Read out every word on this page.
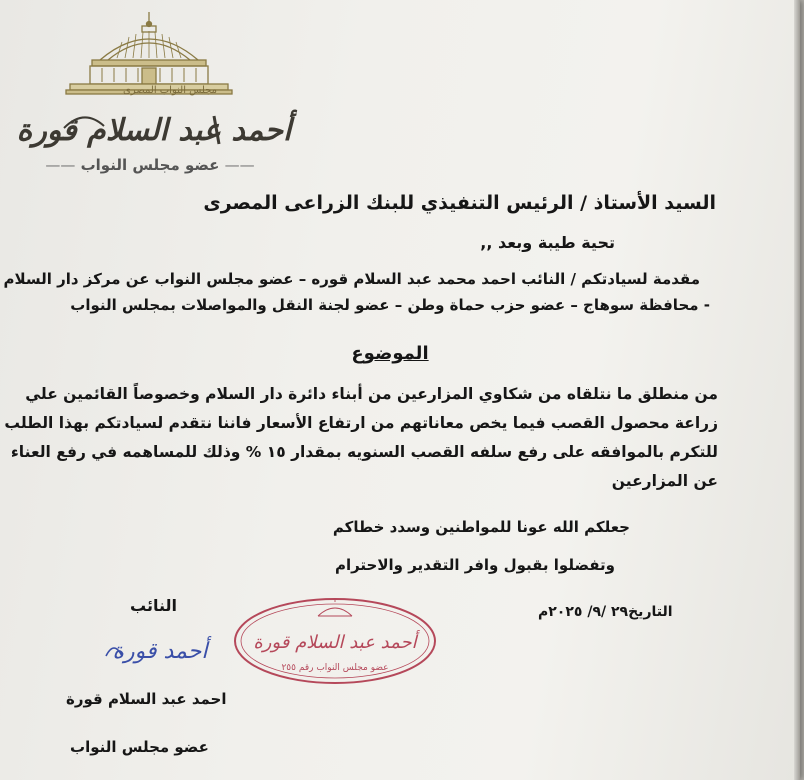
مجلس النواب المصرى
أحمد عبد السلام قورة
—— عضو مجلس النواب ——
السيد الأستاذ / الرئيس التنفيذي للبنك الزراعى المصرى
تحية طيبة وبعد ,,
مقدمة لسيادتكم / النائب احمد محمد عبد السلام قوره – عضو مجلس النواب عن مركز دار السلام
- محافظة سوهاج – عضو حزب حماة وطن – عضو لجنة النقل والمواصلات بمجلس النواب
الموضوع
من منطلق ما نتلقاه من شكاوي المزارعين من أبناء دائرة دار السلام وخصوصاً القائمين علي
زراعة محصول القصب فيما يخص معاناتهم من ارتفاع الأسعار فاننا نتقدم لسيادتكم بهذا الطلب
للتكرم بالموافقه على رفع سلفه القصب السنويه بمقدار ١٥ % وذلك للمساهمه في رفع العناء
عن المزارعين
جعلكم الله عونا للمواطنين وسدد خطاكم
وتفضلوا بقبول وافر التقدير والاحترام
التاريخ٢٩ /٩/ ٢٠٢٥م
أحمد عبد السلام قورة
عضو مجلس النواب رقم ٢٥٥
النائب
أحمد قورة
احمد عبد السلام قورة
عضو مجلس النواب
